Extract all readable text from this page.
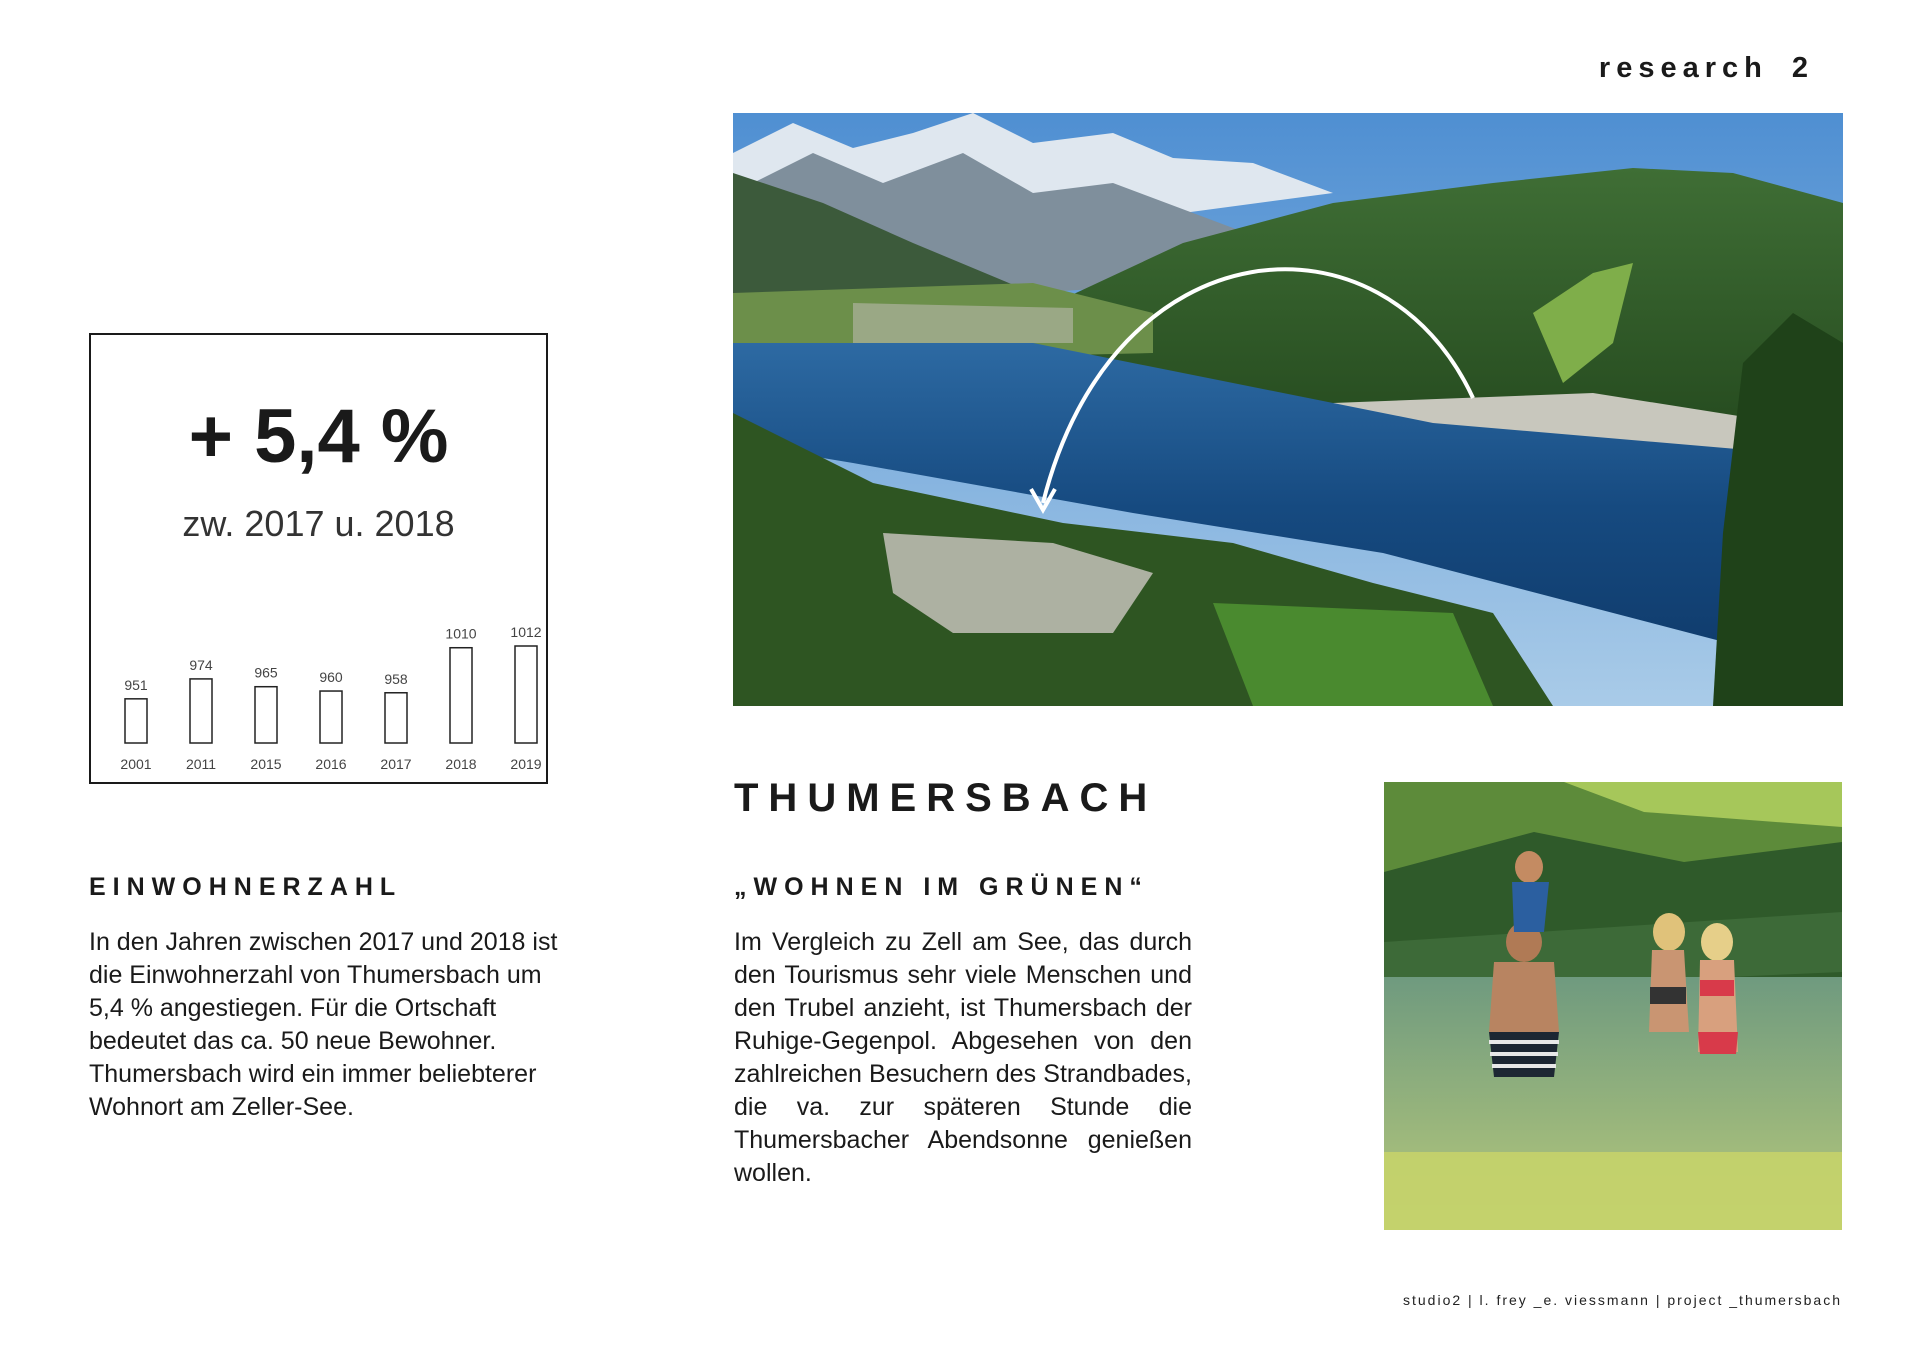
research 2
+ 5,4 %
zw. 2017 u. 2018
951
2001
974
2011
965
2015
960
2016
958
2017
1010
2018
1012
2019
EINWOHNERZAHL
In den Jahren zwischen 2017 und 2018 ist die Einwohnerzahl von Thumersbach um 5,4 % angestiegen. Für die Ortschaft bedeutet das ca. 50 neue Bewohner. Thumersbach wird ein immer beliebterer Wohnort am Zeller-See.
THUMERSBACH
„WOHNEN IM GRÜNEN“
Im Vergleich zu Zell am See, das durch den Tourismus sehr viele Menschen und den Trubel anzieht, ist Thumersbach der Ruhige-Gegenpol. Abgesehen von den zahlreichen Besuchern des Strandbades, die va. zur späteren Stunde die Thumersbacher Abendsonne genießen wollen.
studio2 | l. frey _e. viessmann | project _thumersbach
